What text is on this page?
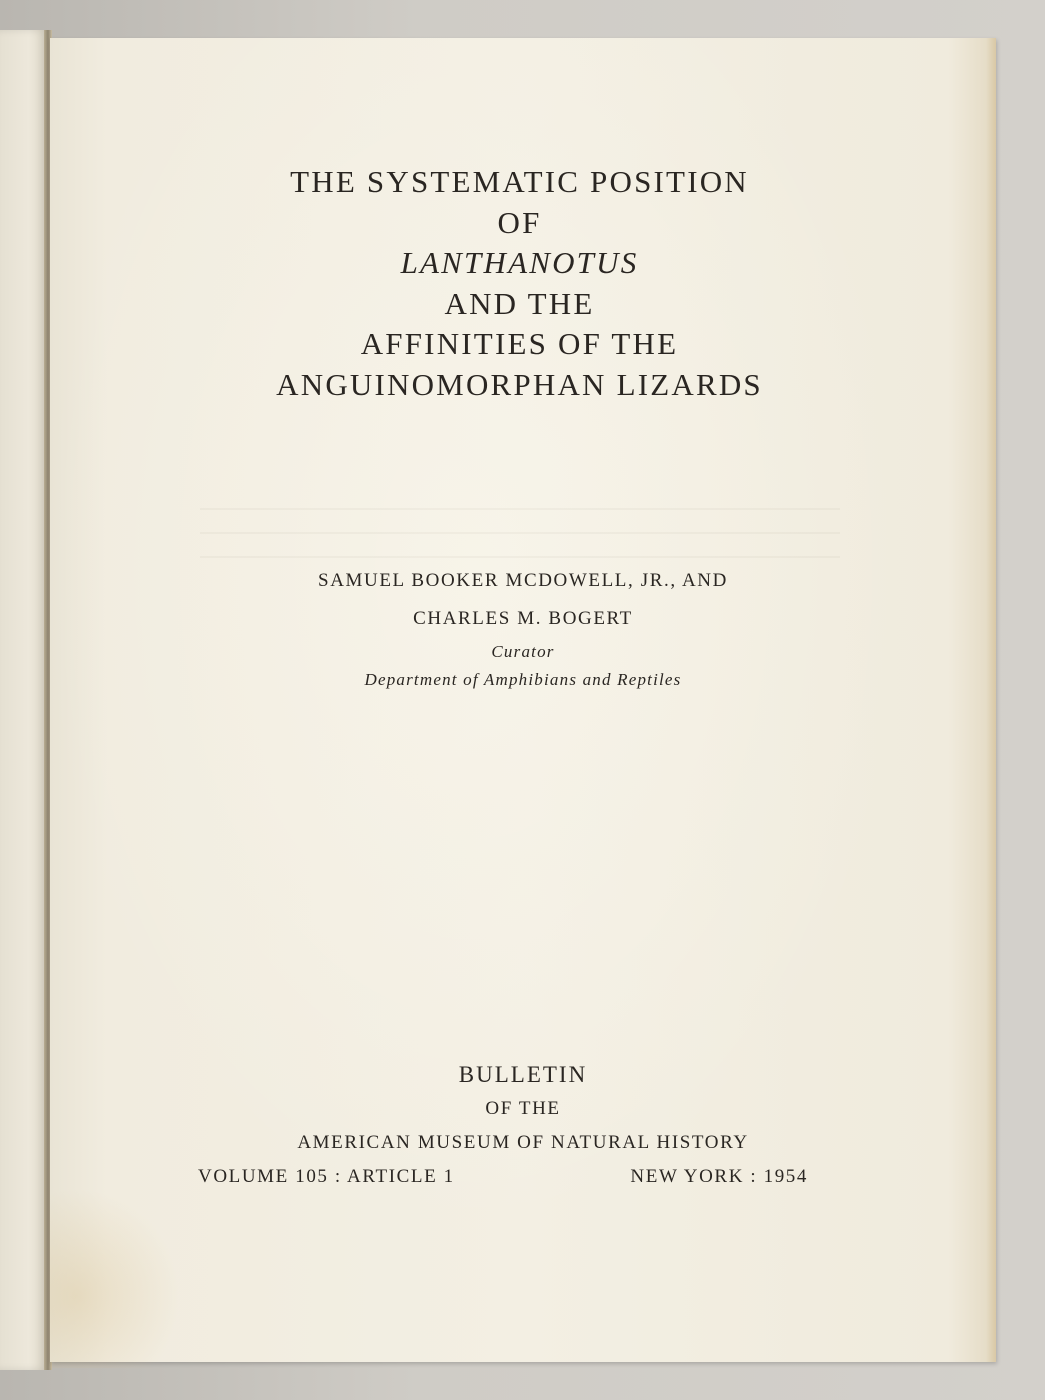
THE SYSTEMATIC POSITION

OF

LANTHANOTUS

AND THE

AFFINITIES OF THE

ANGUINOMORPHAN LIZARDS

SAMUEL BOOKER MCDOWELL, JR., AND

CHARLES M. BOGERT

Curator

Department of Amphibians and Reptiles

BULLETIN

OF THE

AMERICAN MUSEUM OF NATURAL HISTORY

VOLUME 105 : ARTICLE 1	NEW YORK : 1954
